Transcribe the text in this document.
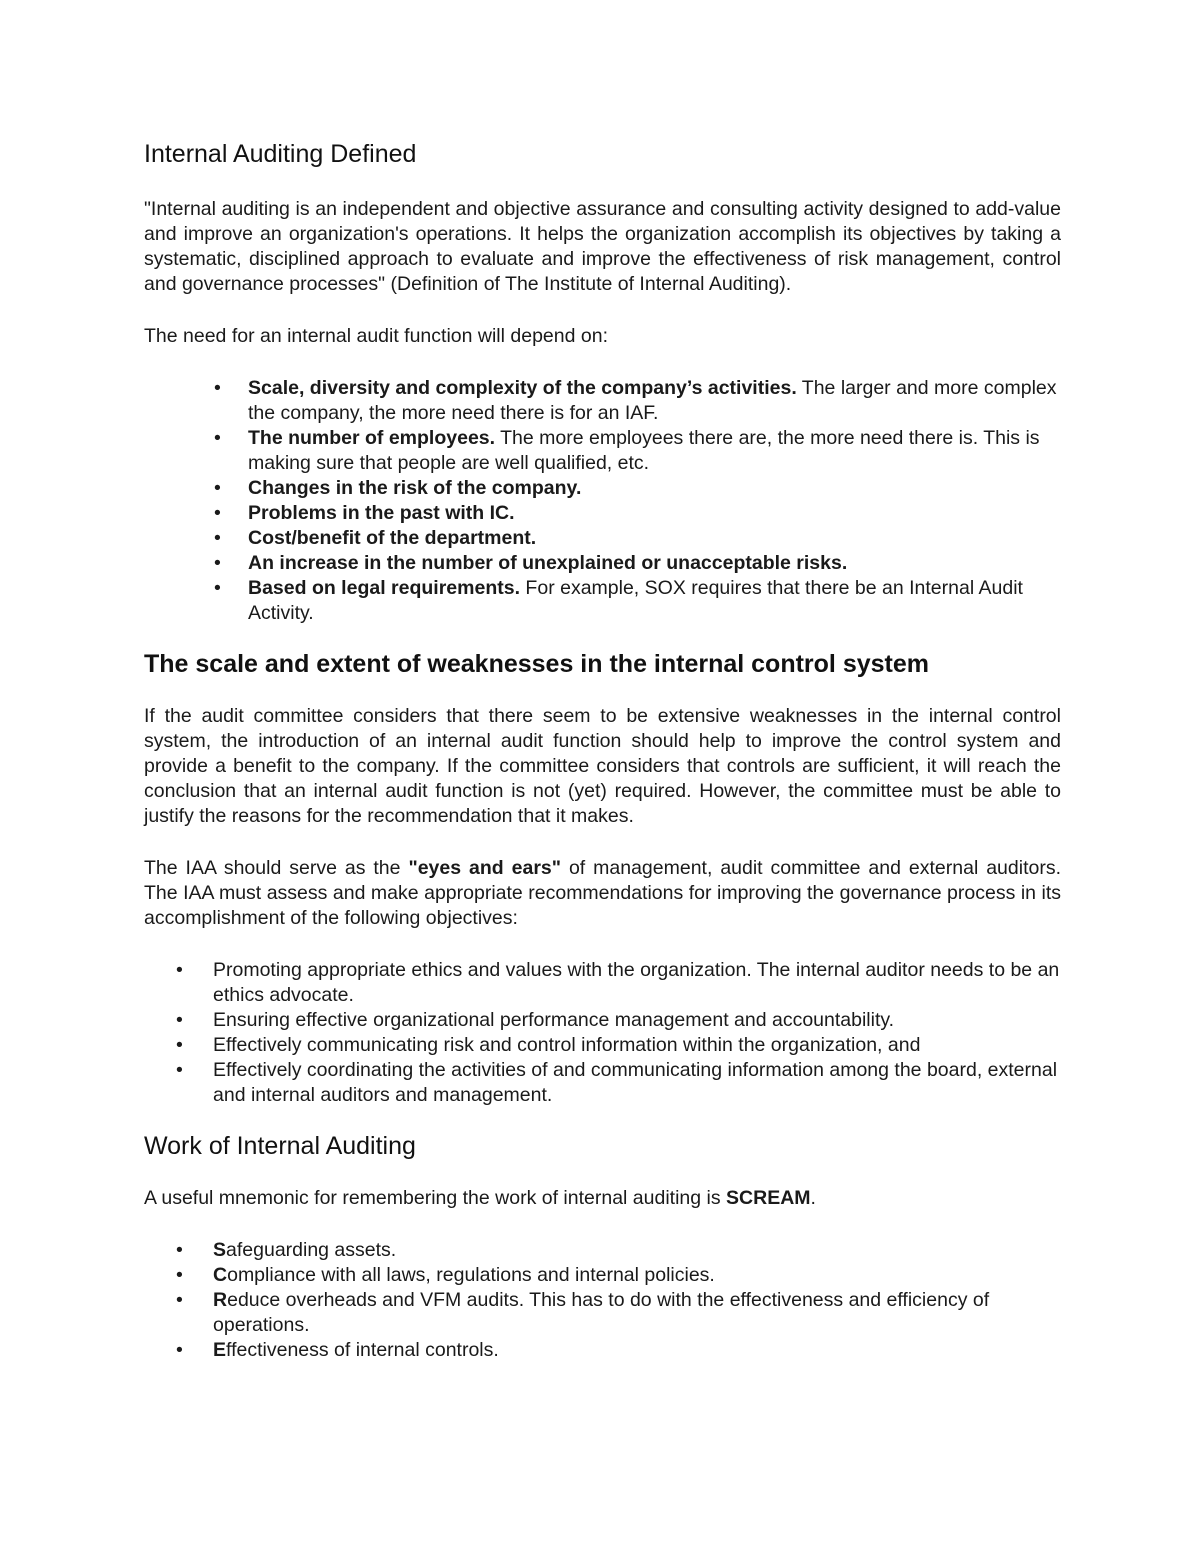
Internal Auditing Defined

"Internal auditing is an independent and objective assurance and consulting activity designed to add-value and improve an organization's operations. It helps the organization accomplish its objectives by taking a systematic, disciplined approach to evaluate and improve the effectiveness of risk management, control and governance processes" (Definition of The Institute of Internal Auditing).

The need for an internal audit function will depend on:

• Scale, diversity and complexity of the company’s activities. The larger and more complex the company, the more need there is for an IAF.
• The number of employees. The more employees there are, the more need there is. This is making sure that people are well qualified, etc.
• Changes in the risk of the company.
• Problems in the past with IC.
• Cost/benefit of the department.
• An increase in the number of unexplained or unacceptable risks.
• Based on legal requirements. For example, SOX requires that there be an Internal Audit Activity.
The scale and extent of weaknesses in the internal control system

If the audit committee considers that there seem to be extensive weaknesses in the internal control system, the introduction of an internal audit function should help to improve the control system and provide a benefit to the company. If the committee considers that controls are sufficient, it will reach the conclusion that an internal audit function is not (yet) required. However, the committee must be able to justify the reasons for the recommendation that it makes.

The IAA should serve as the "eyes and ears" of management, audit committee and external auditors. The IAA must assess and make appropriate recommendations for improving the governance process in its accomplishment of the following objectives:

• Promoting appropriate ethics and values with the organization. The internal auditor needs to be an ethics advocate.
• Ensuring effective organizational performance management and accountability.
• Effectively communicating risk and control information within the organization, and
• Effectively coordinating the activities of and communicating information among the board, external and internal auditors and management.
Work of Internal Auditing

A useful mnemonic for remembering the work of internal auditing is SCREAM.

• Safeguarding assets.
• Compliance with all laws, regulations and internal policies.
• Reduce overheads and VFM audits. This has to do with the effectiveness and efficiency of operations.
• Effectiveness of internal controls.
